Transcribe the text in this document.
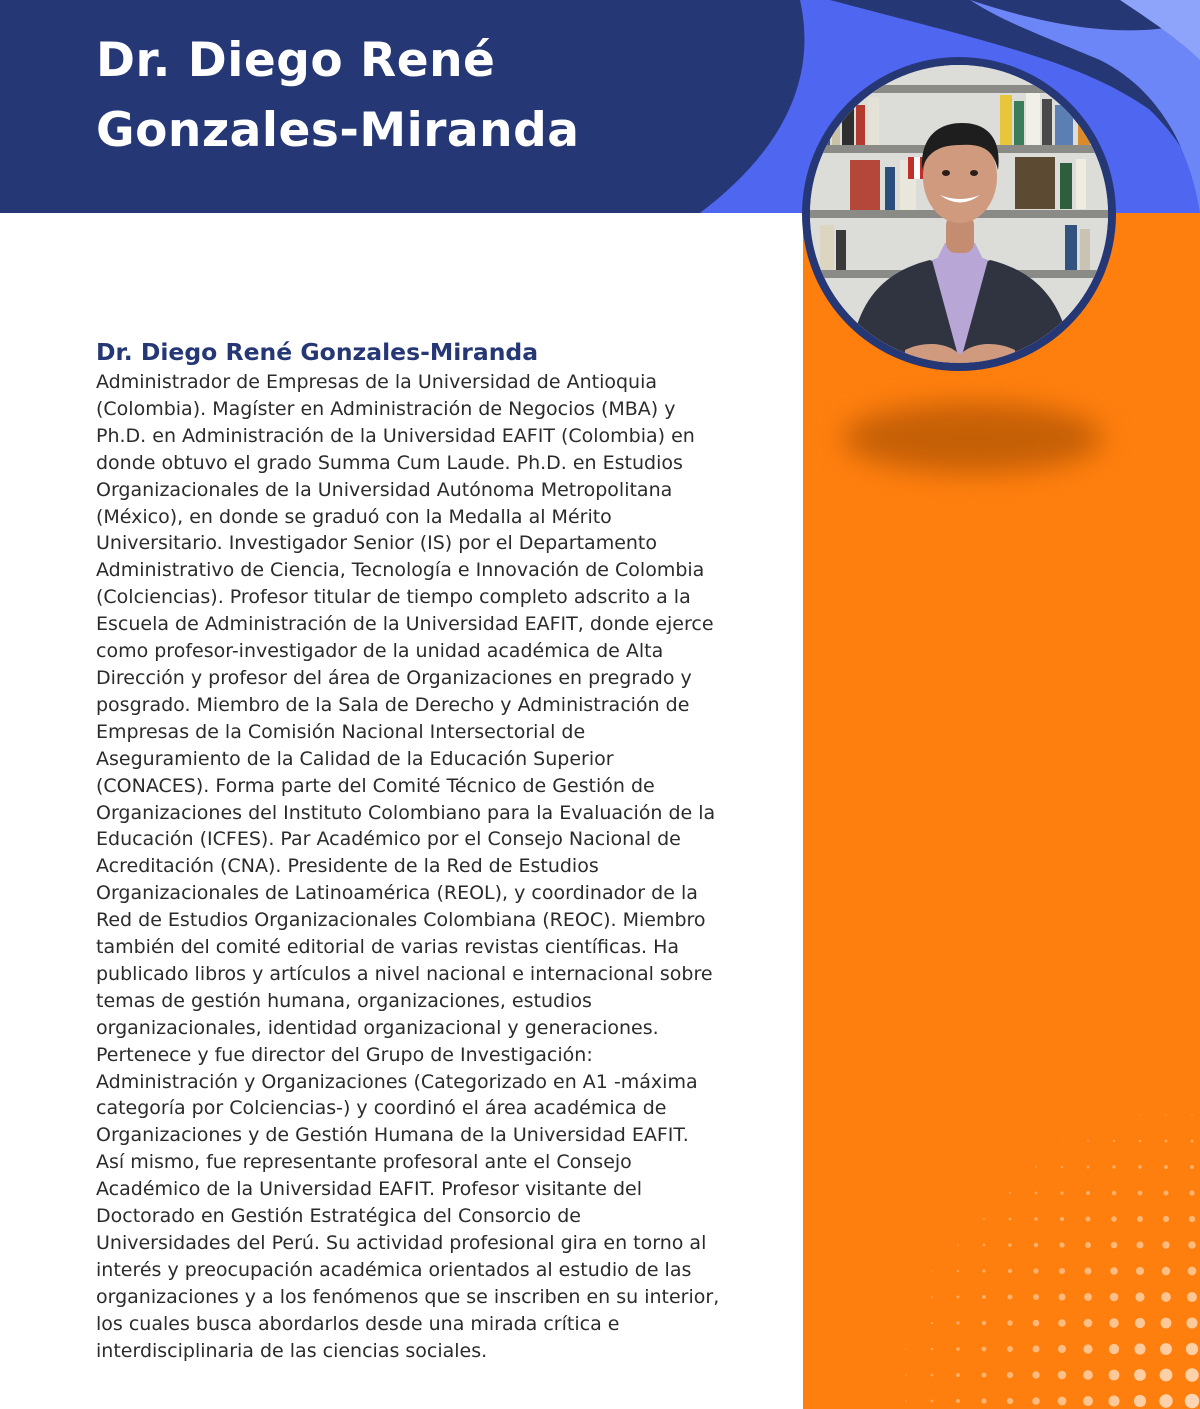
Dr. Diego René
Gonzales-Miranda
Dr. Diego René Gonzales-Miranda

Administrador de Empresas de la Universidad de Antioquia
(Colombia). Magíster en Administración de Negocios (MBA) y
Ph.D. en Administración de la Universidad EAFIT (Colombia) en
donde obtuvo el grado Summa Cum Laude. Ph.D. en Estudios
Organizacionales de la Universidad Autónoma Metropolitana
(México), en donde se graduó con la Medalla al Mérito
Universitario. Investigador Senior (IS) por el Departamento
Administrativo de Ciencia, Tecnología e Innovación de Colombia
(Colciencias). Profesor titular de tiempo completo adscrito a la
Escuela de Administración de la Universidad EAFIT, donde ejerce
como profesor-investigador de la unidad académica de Alta
Dirección y profesor del área de Organizaciones en pregrado y
posgrado. Miembro de la Sala de Derecho y Administración de
Empresas de la Comisión Nacional Intersectorial de
Aseguramiento de la Calidad de la Educación Superior
(CONACES). Forma parte del Comité Técnico de Gestión de
Organizaciones del Instituto Colombiano para la Evaluación de la
Educación (ICFES). Par Académico por el Consejo Nacional de
Acreditación (CNA). Presidente de la Red de Estudios
Organizacionales de Latinoamérica (REOL), y coordinador de la
Red de Estudios Organizacionales Colombiana (REOC). Miembro
también del comité editorial de varias revistas científicas. Ha
publicado libros y artículos a nivel nacional e internacional sobre
temas de gestión humana, organizaciones, estudios
organizacionales, identidad organizacional y generaciones.
Pertenece y fue director del Grupo de Investigación:
Administración y Organizaciones (Categorizado en A1 -máxima
categoría por Colciencias-) y coordinó el área académica de
Organizaciones y de Gestión Humana de la Universidad EAFIT.
Así mismo, fue representante profesoral ante el Consejo
Académico de la Universidad EAFIT. Profesor visitante del
Doctorado en Gestión Estratégica del Consorcio de
Universidades del Perú. Su actividad profesional gira en torno al
interés y preocupación académica orientados al estudio de las
organizaciones y a los fenómenos que se inscriben en su interior,
los cuales busca abordarlos desde una mirada crítica e
interdisciplinaria de las ciencias sociales.
